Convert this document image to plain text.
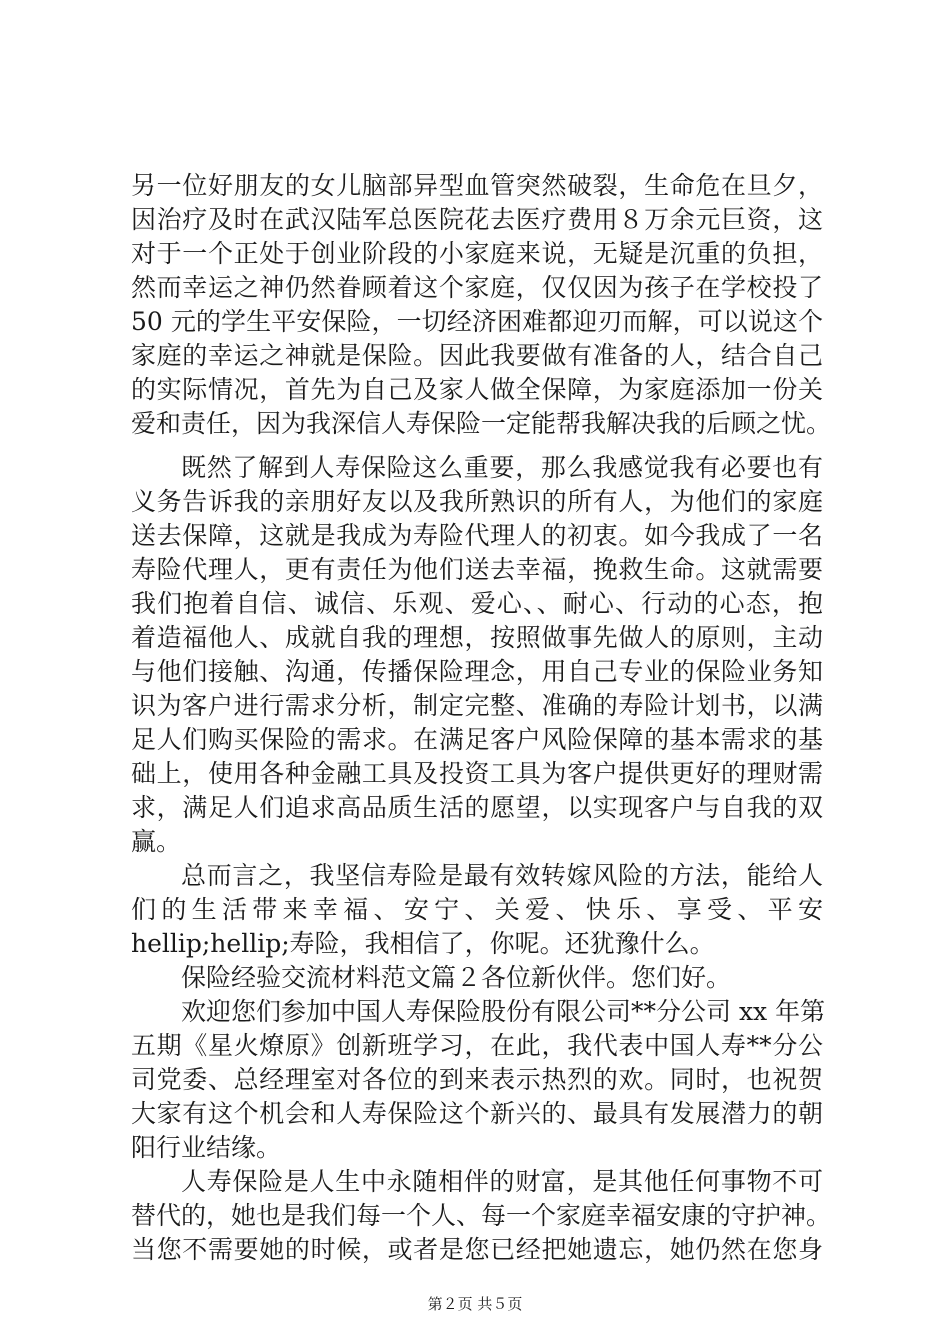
另一位好朋友的女儿脑部异型血管突然破裂，生命危在旦夕，
因治疗及时在武汉陆军总医院花去医疗费用８万余元巨资，这
对于一个正处于创业阶段的小家庭来说，无疑是沉重的负担，
然而幸运之神仍然眷顾着这个家庭，仅仅因为孩子在学校投了
50 元的学生平安保险，一切经济困难都迎刃而解，可以说这个
家庭的幸运之神就是保险。因此我要做有准备的人，结合自己
的实际情况，首先为自己及家人做全保障，为家庭添加一份关
爱和责任，因为我深信人寿保险一定能帮我解决我的后顾之忧。
既然了解到人寿保险这么重要，那么我感觉我有必要也有
义务告诉我的亲朋好友以及我所熟识的所有人，为他们的家庭
送去保障，这就是我成为寿险代理人的初衷。如今我成了一名
寿险代理人，更有责任为他们送去幸福，挽救生命。这就需要
我们抱着自信、诚信、乐观、爱心、、耐心、行动的心态，抱
着造福他人、成就自我的理想，按照做事先做人的原则，主动
与他们接触、沟通，传播保险理念，用自己专业的保险业务知
识为客户进行需求分析，制定完整、准确的寿险计划书，以满
足人们购买保险的需求。在满足客户风险保障的基本需求的基
础上，使用各种金融工具及投资工具为客户提供更好的理财需
求，满足人们追求高品质生活的愿望，以实现客户与自我的双
赢。
总而言之，我坚信寿险是最有效转嫁风险的方法，能给人
们的生活带来幸福、安宁、关爱、快乐、享受、平安
hellip;hellip;寿险，我相信了，你呢。还犹豫什么。
保险经验交流材料范文篇２各位新伙伴。您们好。
欢迎您们参加中国人寿保险股份有限公司**分公司 xx 年第
五期《星火燎原》创新班学习，在此，我代表中国人寿**分公
司党委、总经理室对各位的到来表示热烈的欢。同时，也祝贺
大家有这个机会和人寿保险这个新兴的、最具有发展潜力的朝
阳行业结缘。
人寿保险是人生中永随相伴的财富，是其他任何事物不可
替代的，她也是我们每一个人、每一个家庭幸福安康的守护神。
当您不需要她的时候，或者是您已经把她遗忘，她仍然在您身
第２页 共５页
